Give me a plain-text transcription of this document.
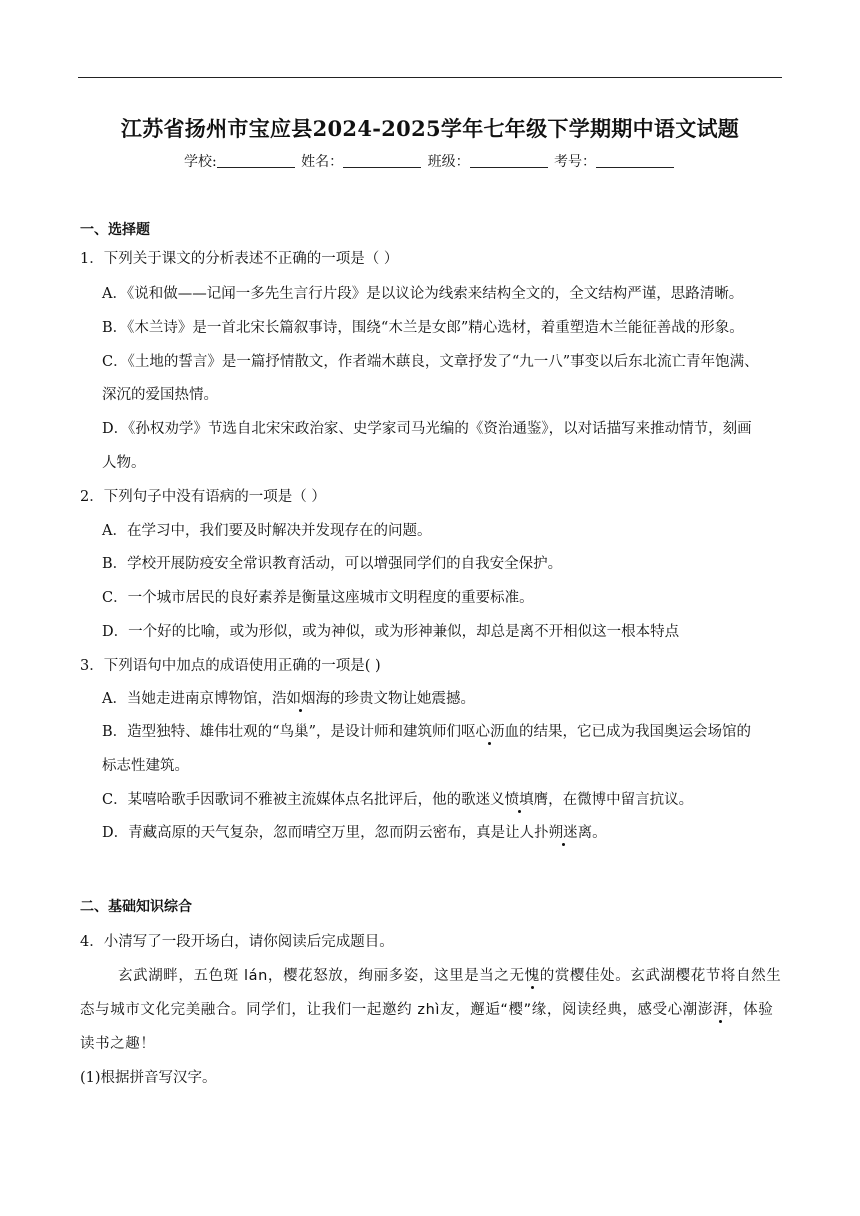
江苏省扬州市宝应县2024-2025学年七年级下学期期中语文试题
学校:	姓名：	班级：	考号：
一、选择题
1．下列关于课文的分析表述不正确的一项是（ ）
A．《说和做——记闻一多先生言行片段》是以议论为线索来结构全文的，全文结构严谨，思路清晰。
B．《木兰诗》是一首北宋长篇叙事诗，围绕“木兰是女郎”精心选材，着重塑造木兰能征善战的形象。
C．《土地的誓言》是一篇抒情散文，作者端木蕻良，文章抒发了“九一八”事变以后东北流亡青年饱满、
深沉的爱国热情。
D．《孙权劝学》节选自北宋宋政治家、史学家司马光编的《资治通鉴》，以对话描写来推动情节，刻画
人物。
2．下列句子中没有语病的一项是（ ）
A．在学习中，我们要及时解决并发现存在的问题。
B．学校开展防疫安全常识教育活动，可以增强同学们的自我安全保护。
C．一个城市居民的良好素养是衡量这座城市文明程度的重要标准。
D．一个好的比喻，或为形似，或为神似，或为形神兼似，却总是离不开相似这一根本特点
3．下列语句中加点的成语使用正确的一项是( )
A．当她走进南京博物馆，浩如烟海的珍贵文物让她震撼。
B．造型独特、雄伟壮观的“鸟巢”，是设计师和建筑师们呕心沥血的结果，它已成为我国奥运会场馆的
标志性建筑。
C．某嘻哈歌手因歌词不雅被主流媒体点名批评后，他的歌迷义愤填膺，在微博中留言抗议。
D．青藏高原的天气复杂，忽而晴空万里，忽而阴云密布，真是让人扑朔迷离。
二、基础知识综合
4．小清写了一段开场白，请你阅读后完成题目。
玄武湖畔，五色斑 lán，樱花怒放，绚丽多姿，这里是当之无愧的赏樱佳处。玄武湖樱花节将自然生
态与城市文化完美融合。同学们，让我们一起邀约 zhì友，邂逅“樱”缘，阅读经典，感受心潮澎湃，体验
读书之趣！
(1)根据拼音写汉字。
